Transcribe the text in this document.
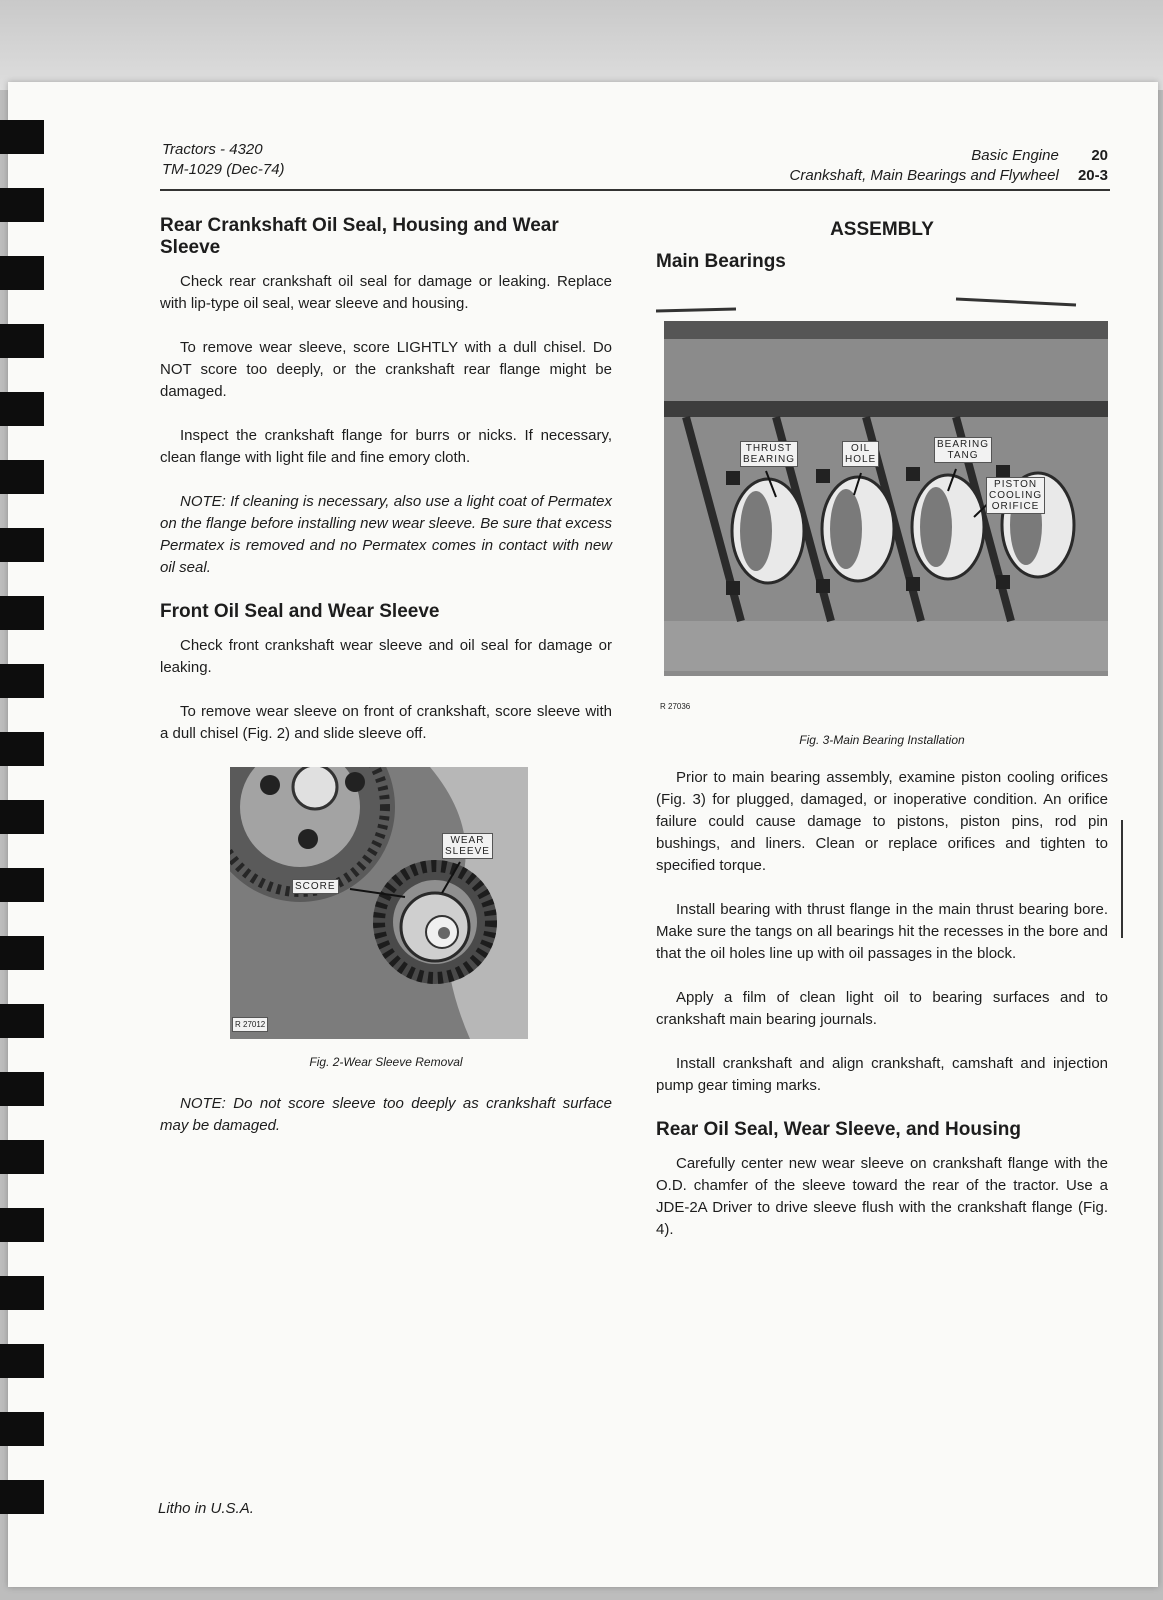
Tractors - 4320
TM-1029 (Dec-74)
Basic Engine 20
Crankshaft, Main Bearings and Flywheel 20-3
Rear Crankshaft Oil Seal, Housing and Wear Sleeve

Check rear crankshaft oil seal for damage or leaking. Replace with lip-type oil seal, wear sleeve and housing.

To remove wear sleeve, score LIGHTLY with a dull chisel. Do NOT score too deeply, or the crankshaft rear flange might be damaged.

Inspect the crankshaft flange for burrs or nicks. If necessary, clean flange with light file and fine emory cloth.

NOTE: If cleaning is necessary, also use a light coat of Permatex on the flange before installing new wear sleeve. Be sure that excess Permatex is removed and no Permatex comes in contact with new oil seal.

Front Oil Seal and Wear Sleeve

Check front crankshaft wear sleeve and oil seal for damage or leaking.

To remove wear sleeve on front of crankshaft, score sleeve with a dull chisel (Fig. 2) and slide sleeve off.

WEAR
SLEEVE
SCORE
R 27012
Fig. 2-Wear Sleeve Removal

NOTE: Do not score sleeve too deeply as crankshaft surface may be damaged.

ASSEMBLY
Main Bearings
R 27036
THRUST
BEARING
OIL
HOLE
BEARING
TANG
PISTON
COOLING
ORIFICE
Fig. 3-Main Bearing Installation

Prior to main bearing assembly, examine piston cooling orifices (Fig. 3) for plugged, damaged, or inoperative condition. An orifice failure could cause damage to pistons, piston pins, rod pin bushings, and liners. Clean or replace orifices and tighten to specified torque.

Install bearing with thrust flange in the main thrust bearing bore. Make sure the tangs on all bearings hit the recesses in the bore and that the oil holes line up with oil passages in the block.

Apply a film of clean light oil to bearing surfaces and to crankshaft main bearing journals.

Install crankshaft and align crankshaft, camshaft and injection pump gear timing marks.

Rear Oil Seal, Wear Sleeve, and Housing

Carefully center new wear sleeve on crankshaft flange with the O.D. chamfer of the sleeve toward the rear of the tractor. Use a JDE-2A Driver to drive sleeve flush with the crankshaft flange (Fig. 4).

Litho in U.S.A.
